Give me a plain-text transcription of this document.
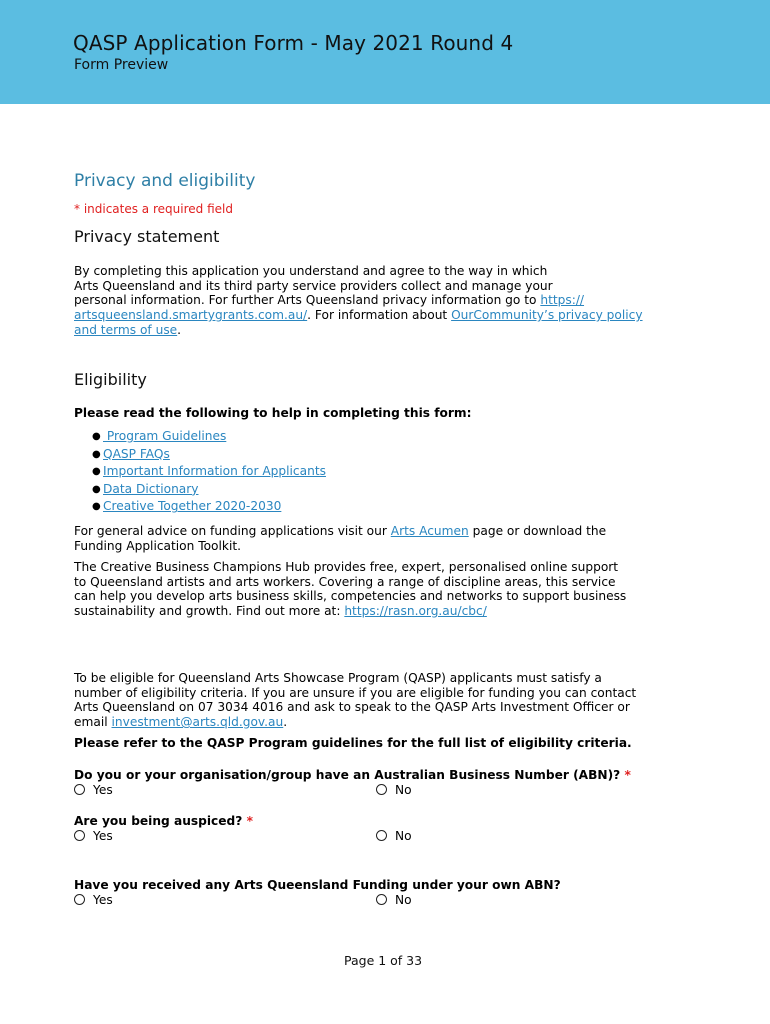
QASP Application Form - May 2021 Round 4
Form Preview
Privacy and eligibility
* indicates a required field
Privacy statement
By completing this application you understand and agree to the way in which
Arts Queensland and its third party service providers collect and manage your
personal information. For further Arts Queensland privacy information go to https://
artsqueensland.smartygrants.com.au/. For information about OurCommunity’s privacy policy
and terms of use.
Eligibility
Please read the following to help in completing this form:
● Program Guidelines
● QASP FAQs
● Important Information for Applicants
● Data Dictionary
● Creative Together 2020-2030
For general advice on funding applications visit our Arts Acumen page or download the
Funding Application Toolkit.
The Creative Business Champions Hub provides free, expert, personalised online support
to Queensland artists and arts workers. Covering a range of discipline areas, this service
can help you develop arts business skills, competencies and networks to support business
sustainability and growth. Find out more at: https://rasn.org.au/cbc/
To be eligible for Queensland Arts Showcase Program (QASP) applicants must satisfy a
number of eligibility criteria. If you are unsure if you are eligible for funding you can contact
Arts Queensland on 07 3034 4016 and ask to speak to the QASP Arts Investment Officer or
email investment@arts.qld.gov.au.
Please refer to the QASP Program guidelines for the full list of eligibility criteria.
Do you or your organisation/group have an Australian Business Number (ABN)? *
Yes	No
Are you being auspiced? *
Yes	No
Have you received any Arts Queensland Funding under your own ABN?
Yes	No
Page 1 of 33
